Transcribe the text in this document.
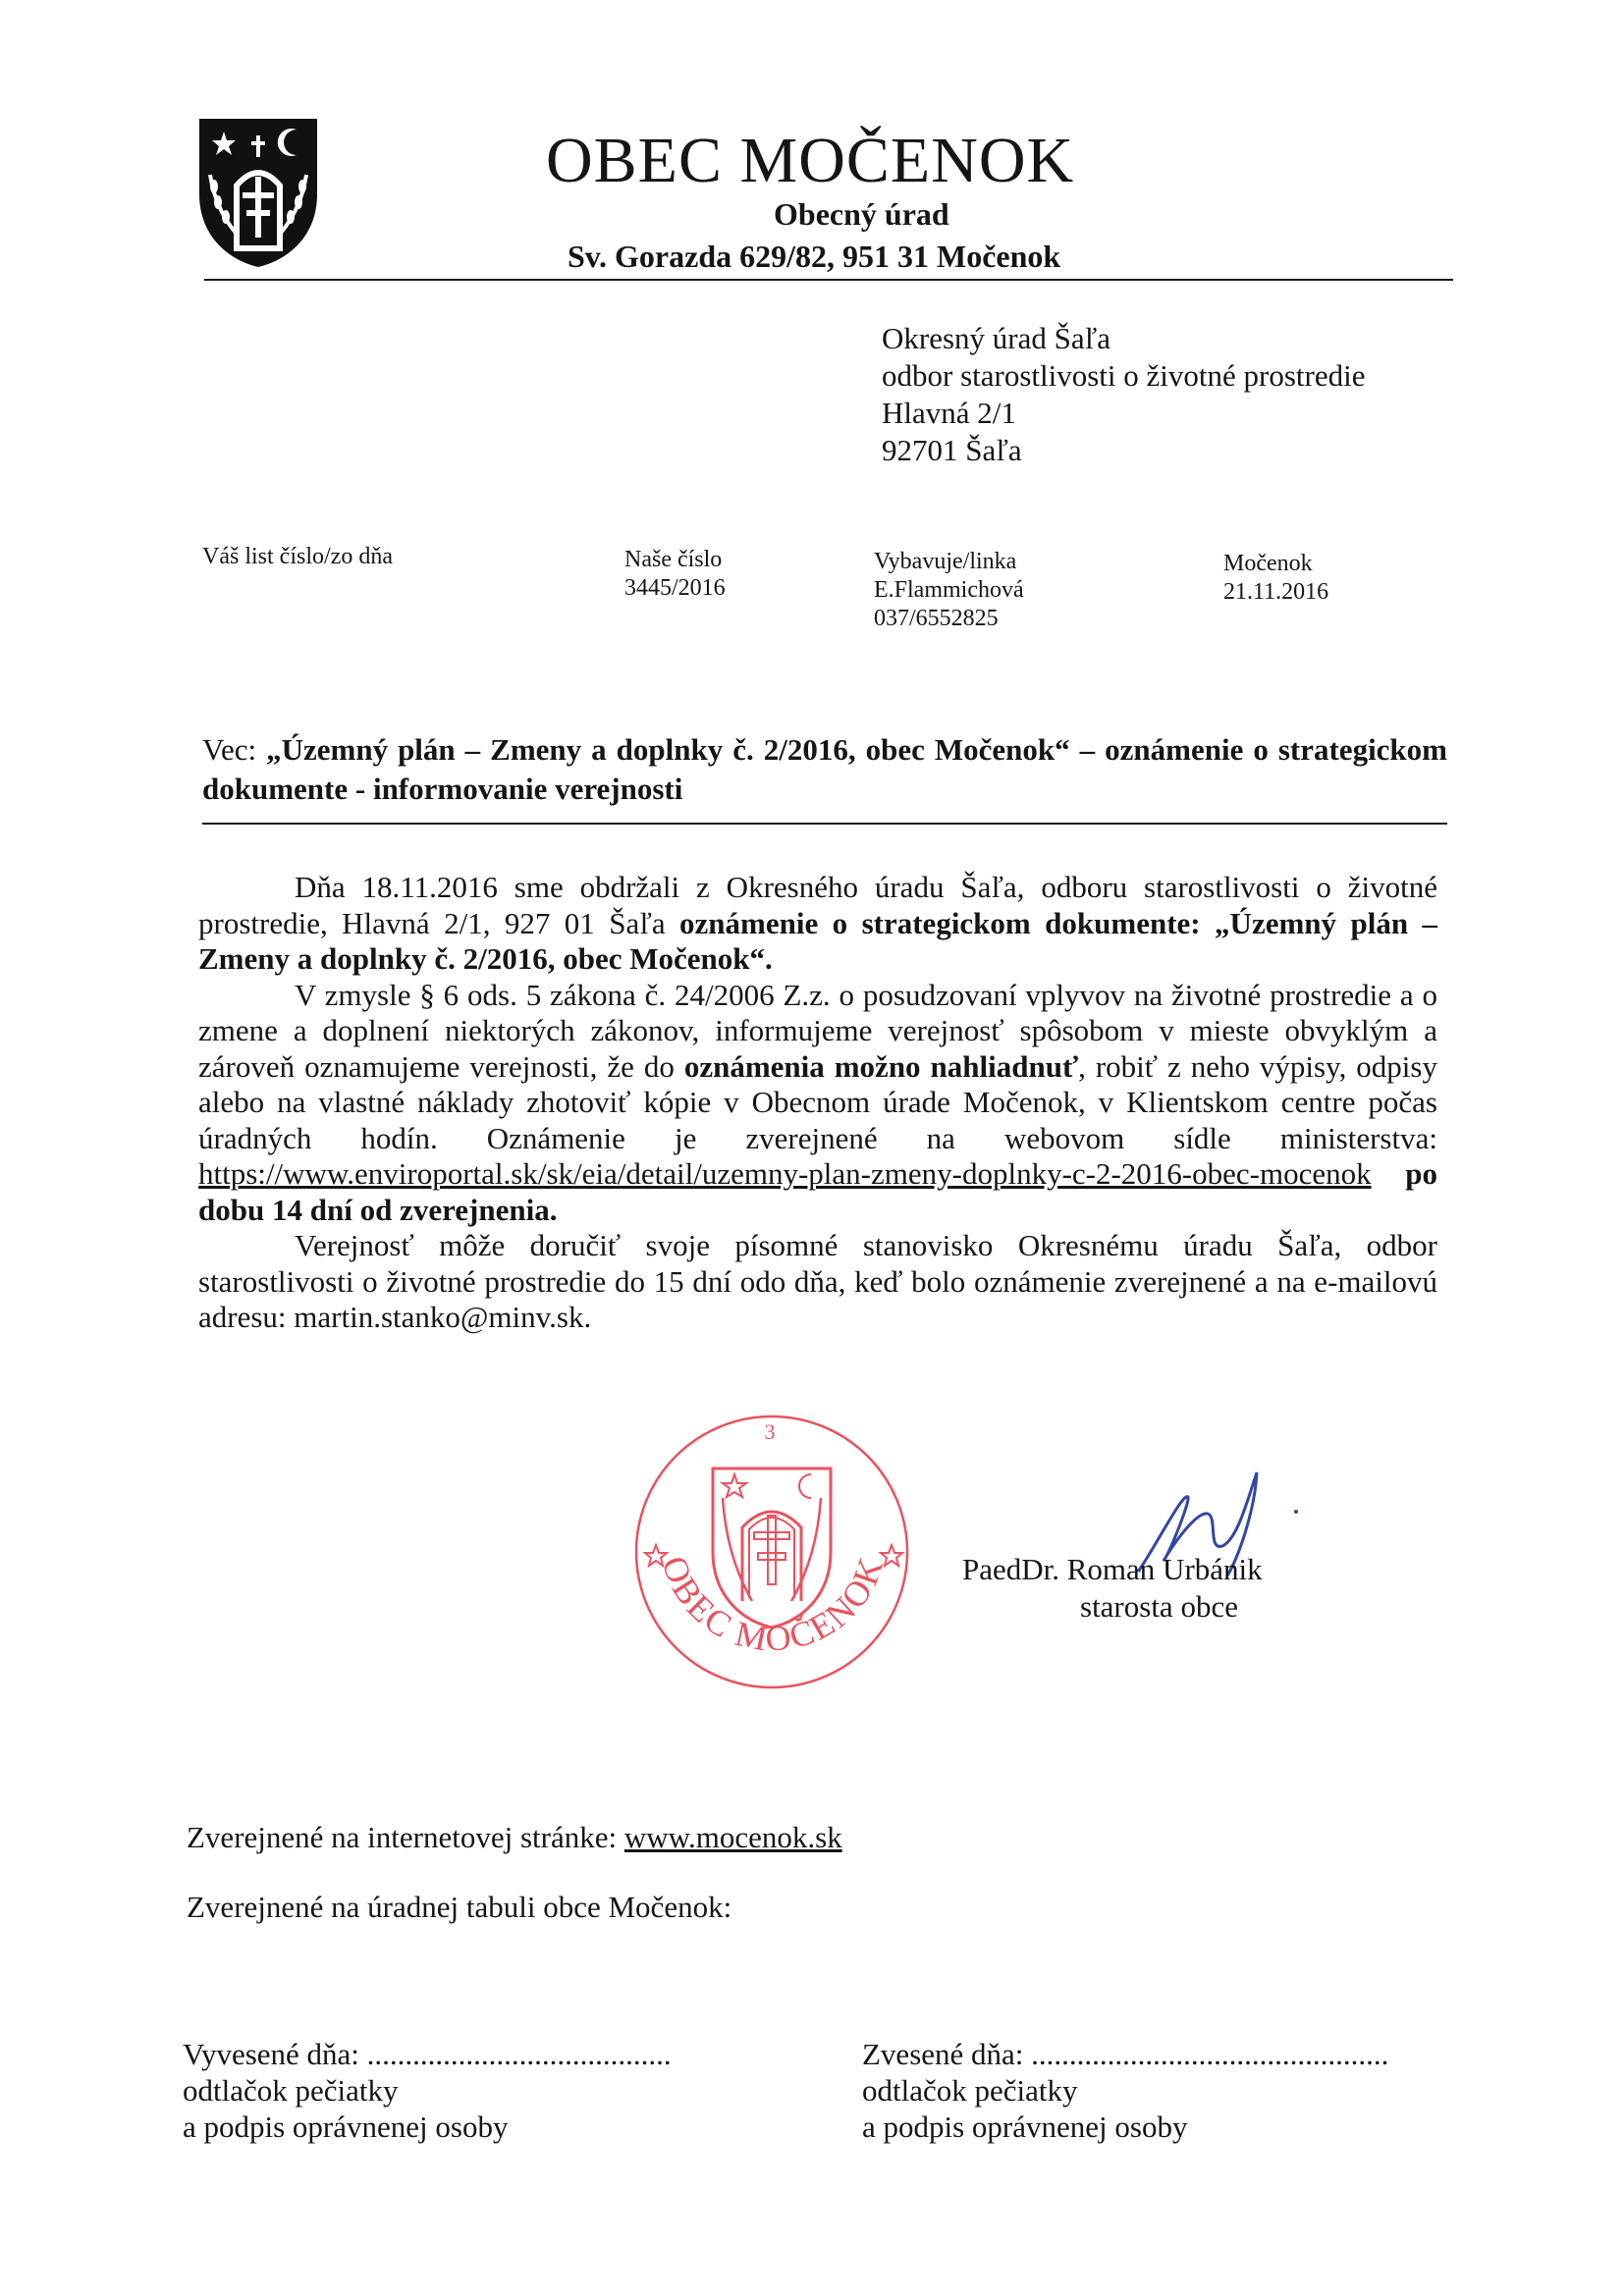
OBEC MOČENOK
Obecný úrad
Sv. Gorazda 629/82, 951 31 Močenok
Okresný úrad Šaľa
odbor starostlivosti o životné prostredie
Hlavná 2/1
92701 Šaľa
Váš list číslo/zo dňa	Naše číslo
3445/2016
Vybavuje/linka
E.Flammichová
037/6552825
Močenok
21.11.2016
Vec: „Územný plán – Zmeny a doplnky č. 2/2016, obec Močenok“ – oznámenie o strategickom dokumente - informovanie verejnosti

Dňa 18.11.2016 sme obdržali z Okresného úradu Šaľa, odboru starostlivosti o životné prostredie, Hlavná 2/1, 927 01 Šaľa oznámenie o strategickom dokumente: „Územný plán – Zmeny a doplnky č. 2/2016, obec Močenok“.

V zmysle § 6 ods. 5 zákona č. 24/2006 Z.z. o posudzovaní vplyvov na životné prostredie a o zmene a doplnení niektorých zákonov, informujeme verejnosť spôsobom v mieste obvyklým a zároveň oznamujeme verejnosti, že do oznámenia možno nahliadnuť, robiť z neho výpisy, odpisy alebo na vlastné náklady zhotoviť kópie v Obecnom úrade Močenok, v Klientskom centre počas úradných hodín. Oznámenie je zverejnené na webovom sídle ministerstva: https://www.enviroportal.sk/sk/eia/detail/uzemny-plan-zmeny-doplnky-c-2-2016-obec-mocenok po dobu 14 dní od zverejnenia.

Verejnosť môže doručiť svoje písomné stanovisko Okresnému úradu Šaľa, odbor starostlivosti o životné prostredie do 15 dní odo dňa, keď bolo oznámenie zverejnené a na e-mailovú adresu: martin.stanko@minv.sk.

3
OBEC MOČENOK PaedDr. Roman Urbánik
starosta obce
Zverejnené na internetovej stránke: www.mocenok.sk
Zverejnené na úradnej tabuli obce Močenok:
Vyvesené dňa: ........................................
odtlačok pečiatky
a podpis oprávnenej osoby
Zvesené dňa: ...............................................
odtlačok pečiatky
a podpis oprávnenej osoby
